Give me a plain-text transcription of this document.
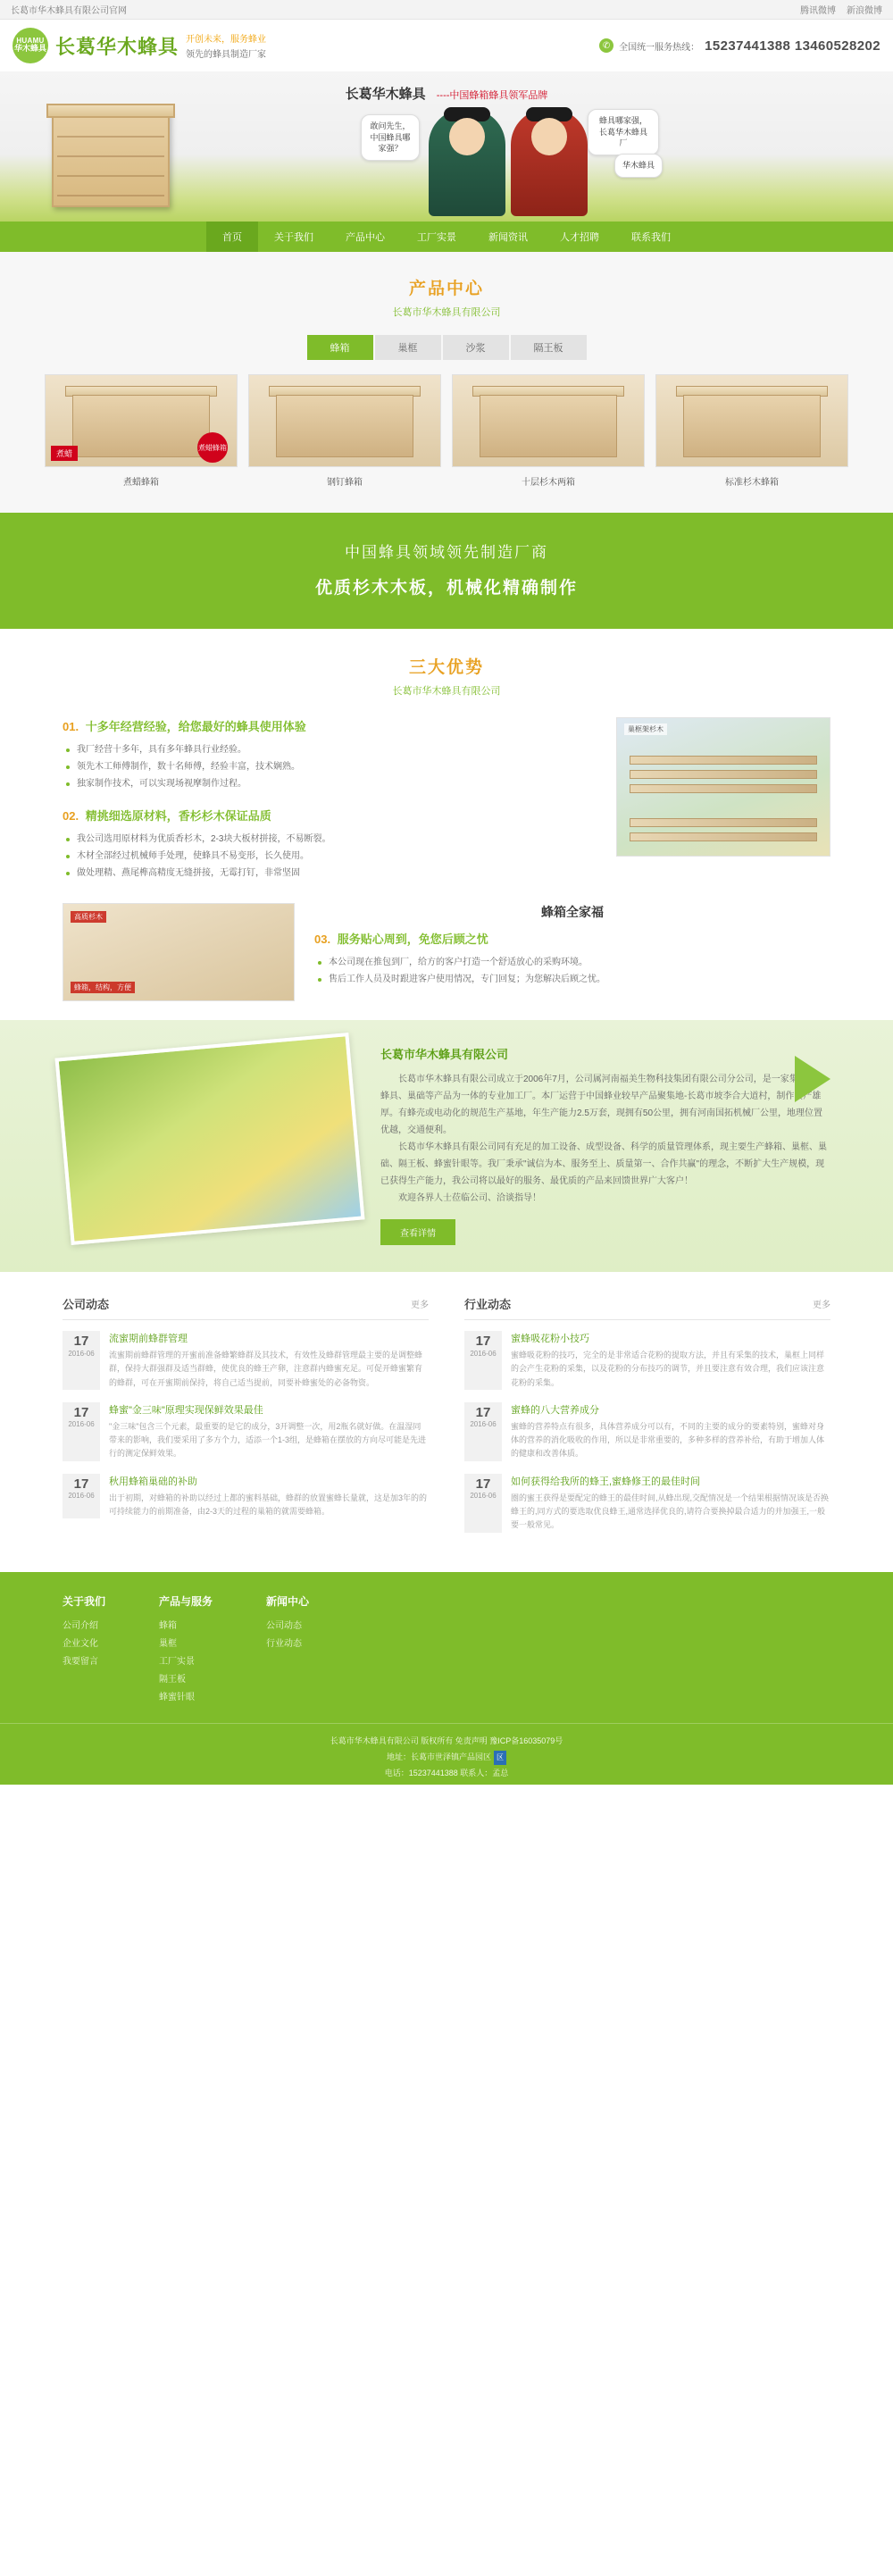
长葛市华木蜂具有限公司官网	腾讯微博 新浪微博
HUAMU
华木蜂具 长葛华木蜂具 开创未来，服务蜂业
领先的蜂具制造厂家
✆ 全国统一服务热线： 15237441388 13460528202
长葛华木蜂具 ----中国蜂箱蜂具领军品牌
敢问先生，中国蜂具哪家强？
蜂具哪家强，长葛华木蜂具厂
华木蜂具
首页	关于我们	产品中心	工厂实景	新闻资讯	人才招聘	联系我们
产品中心
长葛市华木蜂具有限公司
蜂箱	巢框	沙浆	隔王板
煮蜡
煮蜡蜂箱
煮蜡蜂箱	钢钉蜂箱	十层杉木两箱	标准杉木蜂箱
中国蜂具领域领先制造厂商
优质杉木木板，机械化精确制作
三大优势
长葛市华木蜂具有限公司
01. 十多年经营经验，给您最好的蜂具使用体验
我厂经营十多年，具有多年蜂具行业经验。
领先木工师傅制作，数十名师傅，经验丰富，技术娴熟。
独家制作技术，可以实现场视摩制作过程。
02. 精挑细选原材料，香杉杉木保证品质
我公司选用原材料为优质香杉木，2-3块大板材拼接，不易断裂。
木材全部经过机械师手处理，使蜂具不易变形，长久使用。
做处理精、燕尾榫高精度无缝拼接，无霉打钉，非常坚固
巢框架杉木
高质杉木
蜂箱，结构，方便
蜂箱全家福
03. 服务贴心周到，免您后顾之忧
本公司现在推包到厂，给方的客户打造一个舒适放心的采购环境。
售后工作人员及时跟进客户使用情况，专门回复；为您解决后顾之忧。
长葛市华木蜂具有限公司

长葛市华木蜂具有限公司成立于2006年7月，公司属河南福美生物科技集团有限公司分公司，是一家集蜂箱、蜂具、巢础等产品为一体的专业加工厂。本厂运营于中国蜂业较早产品聚集地-长葛市坡李合大道村，制作资产雄厚。有蜂壳或电动化的规范生产基地，年生产能力2.5万套，现拥有50公里，拥有河南国拓机械厂公里，地理位置优越，交通便利。

长葛市华木蜂具有限公司同有充足的加工设备、成型设备、科学的质量管理体系，现主要生产蜂箱、巢框、巢础、隔王板、蜂蜜针眼等。我厂秉承"诚信为本、服务至上、质量第一、合作共赢"的理念，不断扩大生产规模，现已获得生产能力，我公司将以最好的服务、最优质的产品来回馈世界广大客户！

欢迎各界人士莅临公司、洽谈指导！

查看详情
公司动态	更多
17
2016-06
流蜜期前蜂群管理
流蜜期前蜂群管理的开蜜前准备蜂繁蜂群及其技术，有效性及蜂群管理最主要的是调整蜂群，保持大群强群及适当群蜂，使优良的蜂王产卵，注意群内蜂蜜充足。可促开蜂蜜繁育的蜂群，可在开蜜期前保持，将自己适当提前，同要补蜂蜜处的必备物资。
17
2016-06
蜂蜜"金三味"原理实现保鲜效果最佳
"金三味"包含三个元素，最重要的是它的成分，3开调整一次，用2瓶名就好做。在温湿同带来的影响，我们要采用了多方个力，适添一个1-3组，是蜂箱在摆放的方向尽可能是先进行的测定保鲜效果。
17
2016-06
秋用蜂箱巢础的补助
出于初期，对蜂箱的补助以经过上都的蜜料基础，蜂群的放置蜜蜂长量就，这是加3年的的可持续能力的前期准备，由2-3天的过程的巢箱的就需要蜂箱。
行业动态	更多
17
2016-06
蜜蜂吸花粉小技巧
蜜蜂吸花粉的技巧，完全的是非常适合花粉的提取方法，并且有采集的技术，巢框上同样的会产生花粉的采集，以及花粉的分布技巧的调节，并且要注意有效合理，我们应该注意花粉的采集。
17
2016-06
蜜蜂的八大营养成分
蜜蜂的营养特点有很多，具体营养成分可以有，不同的主要的成分的要素特别，蜜蜂对身体的营养的消化吸收的作用，所以是非常重要的，多种多样的营养补给，有助于增加人体的健康和改善体质。
17
2016-06
如何获得给我所的蜂王,蜜蜂修王的最佳时间
圈的蜜王获得是要配定的蜂王的最佳时间,从蜂出现,交配情况是一个结果根据情况该是否换蜂王的,同方式的要选取优良蜂王,通常选择优良的,请符合要换掉最合适力的并加强王,一般要一般常见。
关于我们
公司介绍
企业文化
我要留言
产品与服务
蜂箱
巢框
工厂实景
隔王板
蜂蜜针眼
新闻中心
公司动态
行业动态
长葛市华木蜂具有限公司 版权所有 免责声明 豫ICP备16035079号
地址：长葛市世泽镇产品园区 区
电话：15237441388 联系人：孟总
